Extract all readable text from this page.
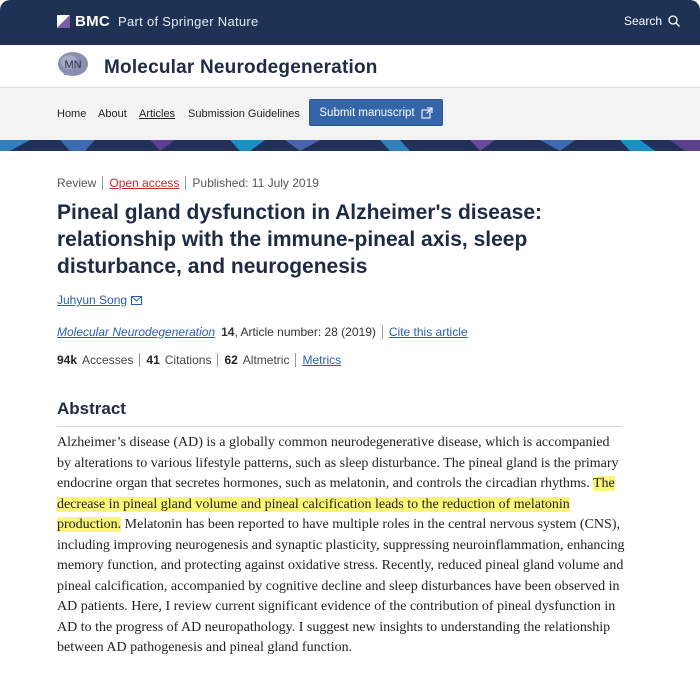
BMC Part of Springer Nature	Search
MN Molecular Neurodegeneration
Home About Articles Submission Guidelines Submit manuscript
Review Open access Published: 11 July 2019
Pineal gland dysfunction in Alzheimer's disease: relationship with the immune-pineal axis, sleep disturbance, and neurogenesis
Juhyun Song
Molecular Neurodegeneration 14 , Article number: 28 (2019) Cite this article
94k Accesses 41 Citations 62 Altmetric Metrics
Abstract

Alzheimer’s disease (AD) is a globally common neurodegenerative disease, which is accompanied by alterations to various lifestyle patterns, such as sleep disturbance. The pineal gland is the primary endocrine organ that secretes hormones, such as melatonin, and controls the circadian rhythms. The decrease in pineal gland volume and pineal calcification leads to the reduction of melatonin production. Melatonin has been reported to have multiple roles in the central nervous system (CNS), including improving neurogenesis and synaptic plasticity, suppressing neuroinflammation, enhancing memory function, and protecting against oxidative stress. Recently, reduced pineal gland volume and pineal calcification, accompanied by cognitive decline and sleep disturbances have been observed in AD patients. Here, I review current significant evidence of the contribution of pineal dysfunction in AD to the progress of AD neuropathology. I suggest new insights to understanding the relationship between AD pathogenesis and pineal gland function.
